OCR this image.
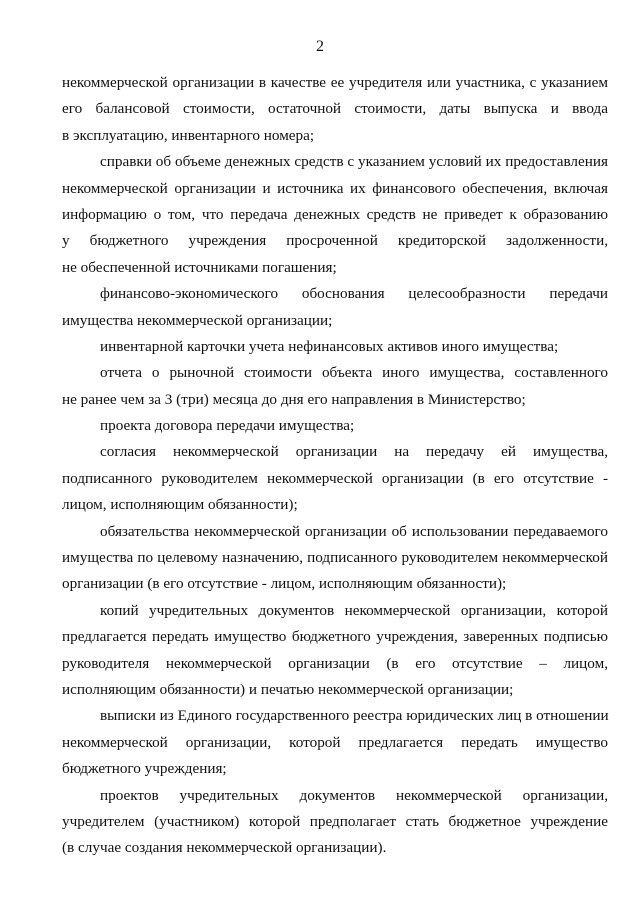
2

некоммерческой организации в качестве ее учредителя или участника, с указанием
его балансовой стоимости, остаточной стоимости, даты выпуска и ввода
в эксплуатацию, инвентарного номера;

справки об объеме денежных средств с указанием условий их предоставления
некоммерческой организации и источника их финансового обеспечения, включая
информацию о том, что передача денежных средств не приведет к образованию
у бюджетного учреждения просроченной кредиторской задолженности,
не обеспеченной источниками погашения;

финансово-экономического обоснования целесообразности передачи
имущества некоммерческой организации;

инвентарной карточки учета нефинансовых активов иного имущества;

отчета о рыночной стоимости объекта иного имущества, составленного
не ранее чем за 3 (три) месяца до дня его направления в Министерство;

проекта договора передачи имущества;

согласия некоммерческой организации на передачу ей имущества,
подписанного руководителем некоммерческой организации (в его отсутствие -
лицом, исполняющим обязанности);

обязательства некоммерческой организации об использовании передаваемого
имущества по целевому назначению, подписанного руководителем некоммерческой
организации (в его отсутствие - лицом, исполняющим обязанности);

копий учредительных документов некоммерческой организации, которой
предлагается передать имущество бюджетного учреждения, заверенных подписью
руководителя некоммерческой организации (в его отсутствие – лицом,
исполняющим обязанности) и печатью некоммерческой организации;

выписки из Единого государственного реестра юридических лиц в отношении
некоммерческой организации, которой предлагается передать имущество
бюджетного учреждения;

проектов учредительных документов некоммерческой организации,
учредителем (участником) которой предполагает стать бюджетное учреждение
(в случае создания некоммерческой организации).
